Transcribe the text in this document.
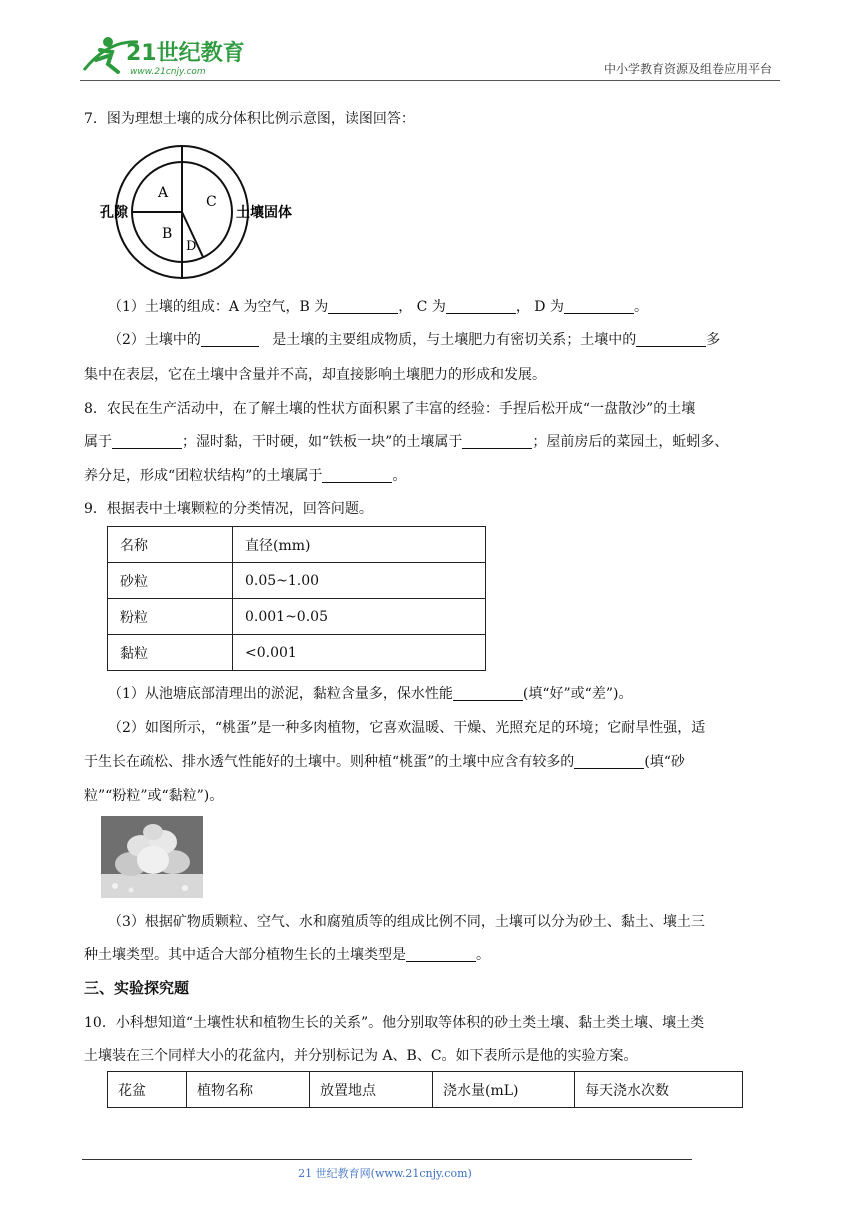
21世纪教育
www.21cnjy.com	中小学教育资源及组卷应用平台
7．图为理想土壤的成分体积比例示意图，读图回答：
A
B
C
D
孔隙	土壤固体
（1）土壤的组成：A 为空气，B 为	， C 为	， D 为	。
（2）土壤中的	是土壤的主要组成物质，与土壤肥力有密切关系；土壤中的	多
集中在表层，它在土壤中含量并不高，却直接影响土壤肥力的形成和发展。
8．农民在生产活动中，在了解土壤的性状方面积累了丰富的经验：手捏后松开成“一盘散沙”的土壤
属于	；湿时黏，干时硬，如“铁板一块”的土壤属于	；屋前房后的菜园土，蚯蚓多、
养分足，形成“团粒状结构”的土壤属于	。
9．根据表中土壤颗粒的分类情况，回答问题。
名称	直径(mm)
砂粒	0.05~1.00
粉粒	0.001~0.05
黏粒	<0.001
（1）从池塘底部清理出的淤泥，黏粒含量多，保水性能	(填“好”或“差”)。
（2）如图所示，“桃蛋”是一种多肉植物，它喜欢温暖、干燥、光照充足的环境；它耐旱性强，适
于生长在疏松、排水透气性能好的土壤中。则种植“桃蛋”的土壤中应含有较多的	(填“砂
粒”“粉粒”或“黏粒”)。
（3）根据矿物质颗粒、空气、水和腐殖质等的组成比例不同，土壤可以分为砂土、黏土、壤土三
种土壤类型。其中适合大部分植物生长的土壤类型是	。
三、实验探究题
10．小科想知道“土壤性状和植物生长的关系”。他分别取等体积的砂土类土壤、黏土类土壤、壤土类
土壤装在三个同样大小的花盆内，并分别标记为 A、B、C。如下表所示是他的实验方案。
花盆	植物名称	放置地点	浇水量(mL)	每天浇水次数
21 世纪教育网(www.21cnjy.com)
